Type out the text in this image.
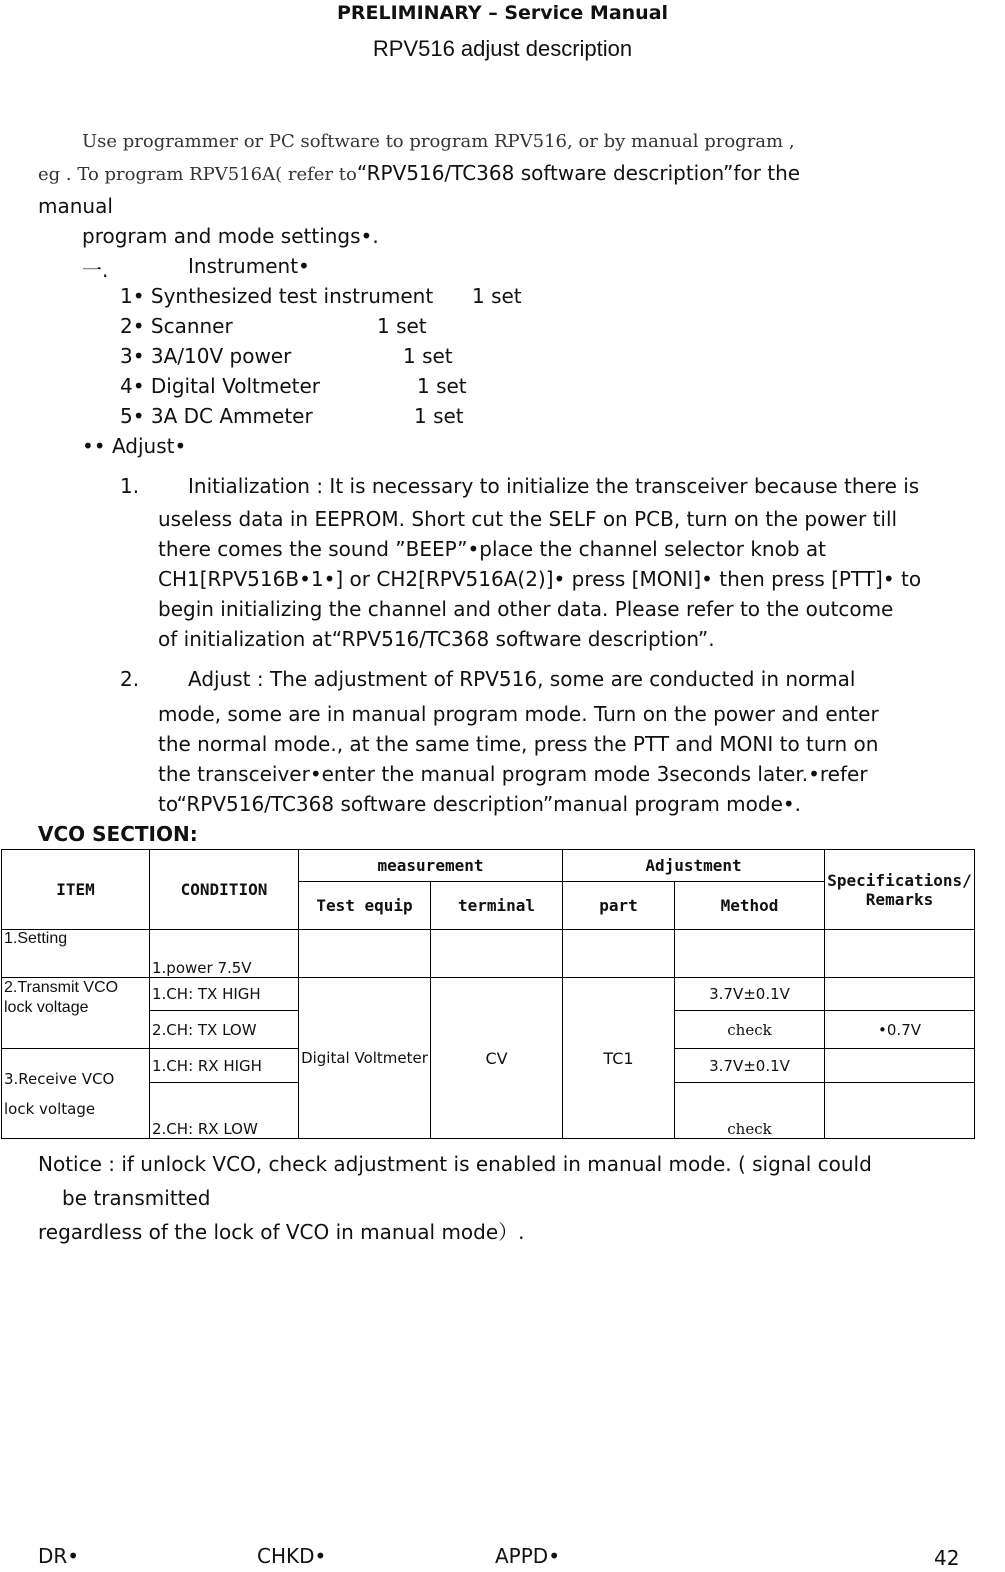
PRELIMINARY – Service Manual
RPV516 adjust description
Use programmer or PC software to program RPV516, or by manual program ,
eg . To program RPV516A( refer to“RPV516/TC368 software description”for the
manual
program and mode settings•.
一.	Instrument•
1• Synthesized test instrument 1 set
2• Scanner	1 set
3• 3A/10V power	1 set
4• Digital Voltmeter	1 set
5• 3A DC Ammeter	1 set
•• Adjust•
1. Initialization : It is necessary to initialize the transceiver because there is
useless data in EEPROM. Short cut the SELF on PCB, turn on the power till
there comes the sound ”BEEP”•place the channel selector knob at
CH1[RPV516B•1•] or CH2[RPV516A(2)]• press [MONI]• then press [PTT]• to
begin initializing the channel and other data. Please refer to the outcome
of initialization at“RPV516/TC368 software description”.
2. Adjust : The adjustment of RPV516, some are conducted in normal
mode, some are in manual program mode. Turn on the power and enter
the normal mode., at the same time, press the PTT and MONI to turn on
the transceiver•enter the manual program mode 3seconds later.•refer
to“RPV516/TC368 software description”manual program mode•.
VCO SECTION:
ITEM	CONDITION	measurement		Adjustment		Specifications/ Remarks
		Test equip	terminal	part	Method	
1.Setting	1.power 7.5V					
2.Transmit VCO lock voltage	1.CH: TX HIGH	Digital Voltmeter	CV	TC1	3.7V±0.1V	
	2.CH: TX LOW				check	•0.7V
3.Receive VCO lock voltage	1.CH: RX HIGH				3.7V±0.1V	
	2.CH: RX LOW				check	
Notice : if unlock VCO, check adjustment is enabled in manual mode. ( signal could
be transmitted
regardless of the lock of VCO in manual mode）.
DR•	CHKD•	APPD•	42
